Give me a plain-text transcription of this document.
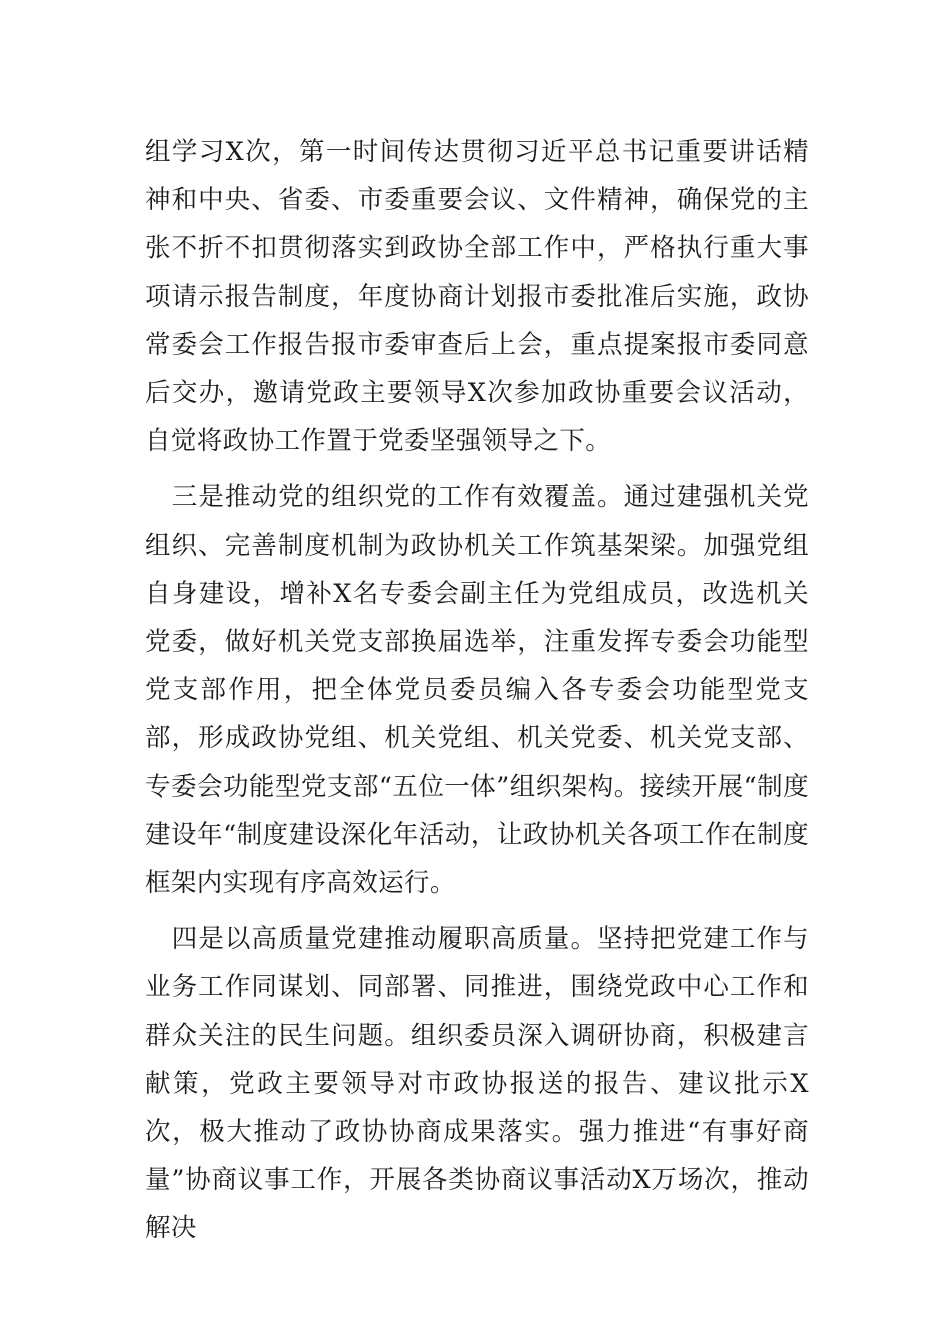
组学习X次，第一时间传达贯彻习近平总书记重要讲话精神和中央、省委、市委重要会议、文件精神，确保党的主张不折不扣贯彻落实到政协全部工作中，严格执行重大事项请示报告制度，年度协商计划报市委批准后实施，政协常委会工作报告报市委审查后上会，重点提案报市委同意后交办，邀请党政主要领导X次参加政协重要会议活动，自觉将政协工作置于党委坚强领导之下。

三是推动党的组织党的工作有效覆盖。通过建强机关党组织、完善制度机制为政协机关工作筑基架梁。加强党组自身建设，增补X名专委会副主任为党组成员，改选机关党委，做好机关党支部换届选举，注重发挥专委会功能型党支部作用，把全体党员委员编入各专委会功能型党支部，形成政协党组、机关党组、机关党委、机关党支部、专委会功能型党支部“五位一体”组织架构。接续开展“制度建设年“制度建设深化年活动，让政协机关各项工作在制度框架内实现有序高效运行。

四是以高质量党建推动履职高质量。坚持把党建工作与业务工作同谋划、同部署、同推进，围绕党政中心工作和群众关注的民生问题。组织委员深入调研协商，积极建言献策，党政主要领导对市政协报送的报告、建议批示X次，极大推动了政协协商成果落实。强力推进“有事好商量”协商议事工作，开展各类协商议事活动X万场次，推动解决
